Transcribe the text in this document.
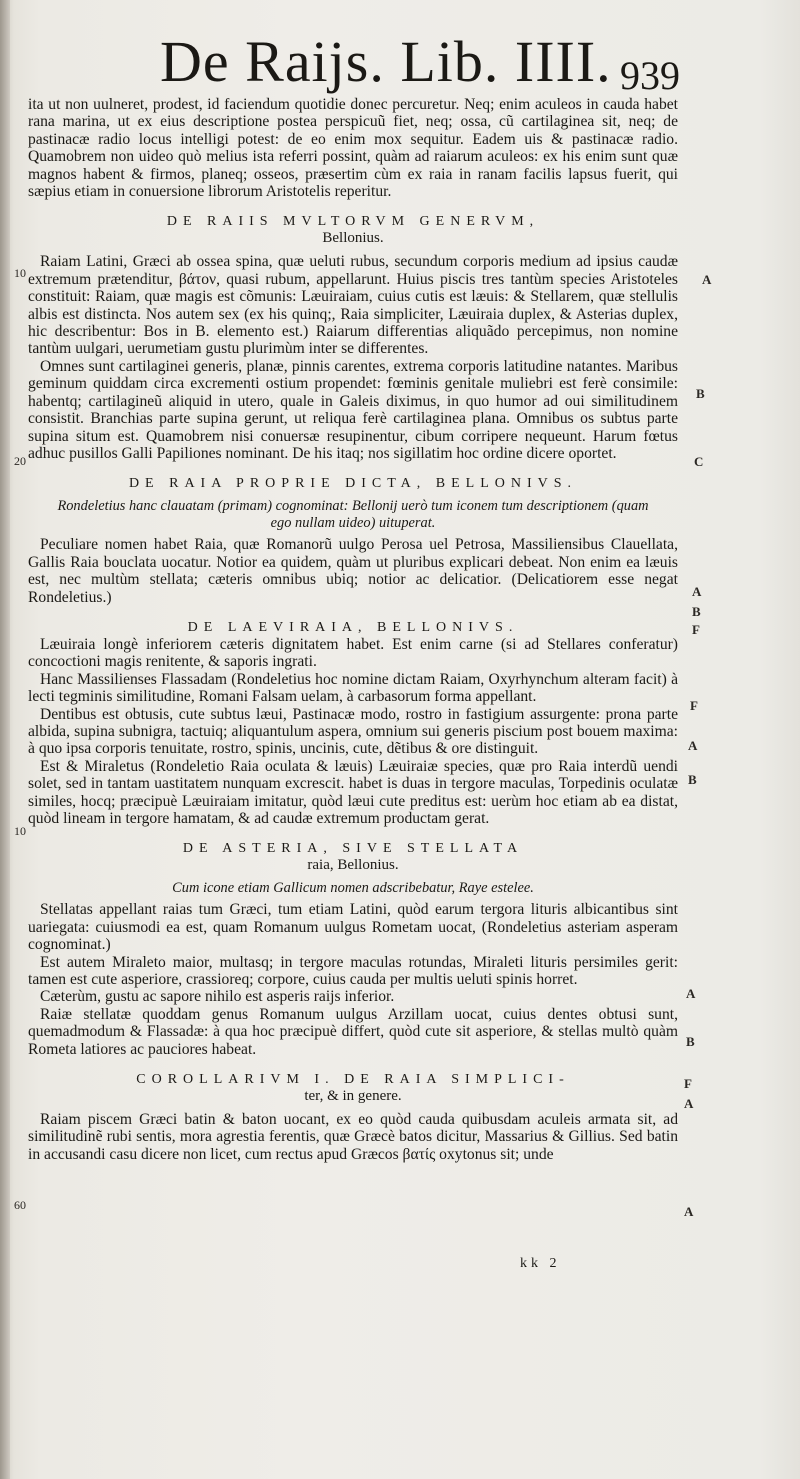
De Raijs. Lib. IIII. 939

ita ut non uulneret, prodest, id faciendum quotidie donec percuretur. Neq; enim aculeos in cauda habet rana marina, ut ex eius descriptione postea perspicuũ fiet, neq; ossa, cũ cartilaginea sit, neq; de pastinacæ radio locus intelligi potest: de eo enim mox sequitur. Eadem uis & pastinacæ radio. Quamobrem non uideo quò melius ista referri possint, quàm ad raiarum aculeos: ex his enim sunt quæ magnos habent & firmos, planeq; osseos, præsertim cùm ex raia in ranam facilis lapsus fuerit, qui sæpius etiam in conuersione librorum Aristotelis reperitur.

DE RAIIS MVLTORVM GENERVM,
Bellonius.

Raiam Latini, Græci ab ossea spina, quæ ueluti rubus, secundum corporis medium ad ipsius caudæ extremum prætenditur, βάτον, quasi rubum, appellarunt. Huius piscis tres tantùm species Aristoteles constituit: Raiam, quæ magis est cõmunis: Læuiraiam, cuius cutis est læuis: & Stellarem, quæ stellulis albis est distincta. Nos autem sex (ex his quinq;, Raia simpliciter, Læuiraia duplex, & Asterias duplex, hic describentur: Bos in B. elemento est.) Raiarum differentias aliquãdo percepimus, non nomine tantùm uulgari, uerumetiam gustu plurimùm inter se differentes.

Omnes sunt cartilaginei generis, planæ, pinnis carentes, extrema corporis latitudine natantes. Maribus geminum quiddam circa excrementi ostium propendet: fœminis genitale muliebri est ferè consimile: habentq; cartilagineũ aliquid in utero, quale in Galeis diximus, in quo humor ad oui similitudinem consistit. Branchias parte supina gerunt, ut reliqua ferè cartilaginea plana. Omnibus os subtus parte supina situm est. Quamobrem nisi conuersæ resupinentur, cibum corripere nequeunt. Harum fœtus adhuc pusillos Galli Papiliones nominant. De his itaq; nos sigillatim hoc ordine dicere oportet.

DE RAIA PROPRIE DICTA, BELLONIVS.
Rondeletius hanc clauatam (primam) cognominat: Bellonij uerò tum iconem tum descriptionem (quam ego nullam uideo) uituperat.

Peculiare nomen habet Raia, quæ Romanorũ uulgo Perosa uel Petrosa, Massiliensibus Clauellata, Gallis Raia bouclata uocatur. Notior ea quidem, quàm ut pluribus explicari debeat. Non enim ea læuis est, nec multùm stellata; cæteris omnibus ubiq; notior ac delicatior. (Delicatiorem esse negat Rondeletius.)

DE LAEVIRAIA, BELLONIVS.

Læuiraia longè inferiorem cæteris dignitatem habet. Est enim carne (si ad Stellares conferatur) concoctioni magis renitente, & saporis ingrati.

Hanc Massilienses Flassadam (Rondeletius hoc nomine dictam Raiam, Oxyrhynchum alteram facit) à lecti tegminis similitudine, Romani Falsam uelam, à carbasorum forma appellant.

Dentibus est obtusis, cute subtus læui, Pastinacæ modo, rostro in fastigium assurgente: prona parte albida, supina subnigra, tactuiq; aliquantulum aspera, omnium sui generis piscium post bouem maxima: à quo ipsa corporis tenuitate, rostro, spinis, uncinis, cute, dẽtibus & ore distinguit.

Est & Miraletus (Rondeletio Raia oculata & læuis) Læuiraiæ species, quæ pro Raia interdũ uendi solet, sed in tantam uastitatem nunquam excrescit. habet is duas in tergore maculas, Torpedinis oculatæ similes, hocq; præcipuè Læuiraiam imitatur, quòd læui cute preditus est: uerùm hoc etiam ab ea distat, quòd lineam in tergore hamatam, & ad caudæ extremum productam gerat.

DE ASTERIA, SIVE STELLATA
raia, Bellonius.
Cum icone etiam Gallicum nomen adscribebatur, Raye estelee.

Stellatas appellant raias tum Græci, tum etiam Latini, quòd earum tergora lituris albicantibus sint uariegata: cuiusmodi ea est, quam Romanum uulgus Rometam uocat, (Rondeletius asteriam asperam cognominat.)

Est autem Miraleto maior, multasq; in tergore maculas rotundas, Miraleti lituris persimiles gerit: tamen est cute asperiore, crassioreq; corpore, cuius cauda per multis ueluti spinis horret.

Cæterùm, gustu ac sapore nihilo est asperis raijs inferior.

Raiæ stellatæ quoddam genus Romanum uulgus Arzillam uocat, cuius dentes obtusi sunt, quemadmodum & Flassadæ: à qua hoc præcipuè differt, quòd cute sit asperiore, & stellas multò quàm Rometa latiores ac pauciores habeat.

COROLLARIVM I. DE RAIA SIMPLICI-
ter, & in genere.

Raiam piscem Græci batin & baton uocant, ex eo quòd cauda quibusdam aculeis armata sit, ad similitudinẽ rubi sentis, mora agrestia ferentis, quæ Græcè batos dicitur, Massarius & Gillius. Sed batin in accusandi casu dicere non licet, cum rectus apud Græcos βατίς oxytonus sit; unde

10
20
10
60
A
B
C
A
B
F
F
A
B
A
B
F
A
A
kk 2
